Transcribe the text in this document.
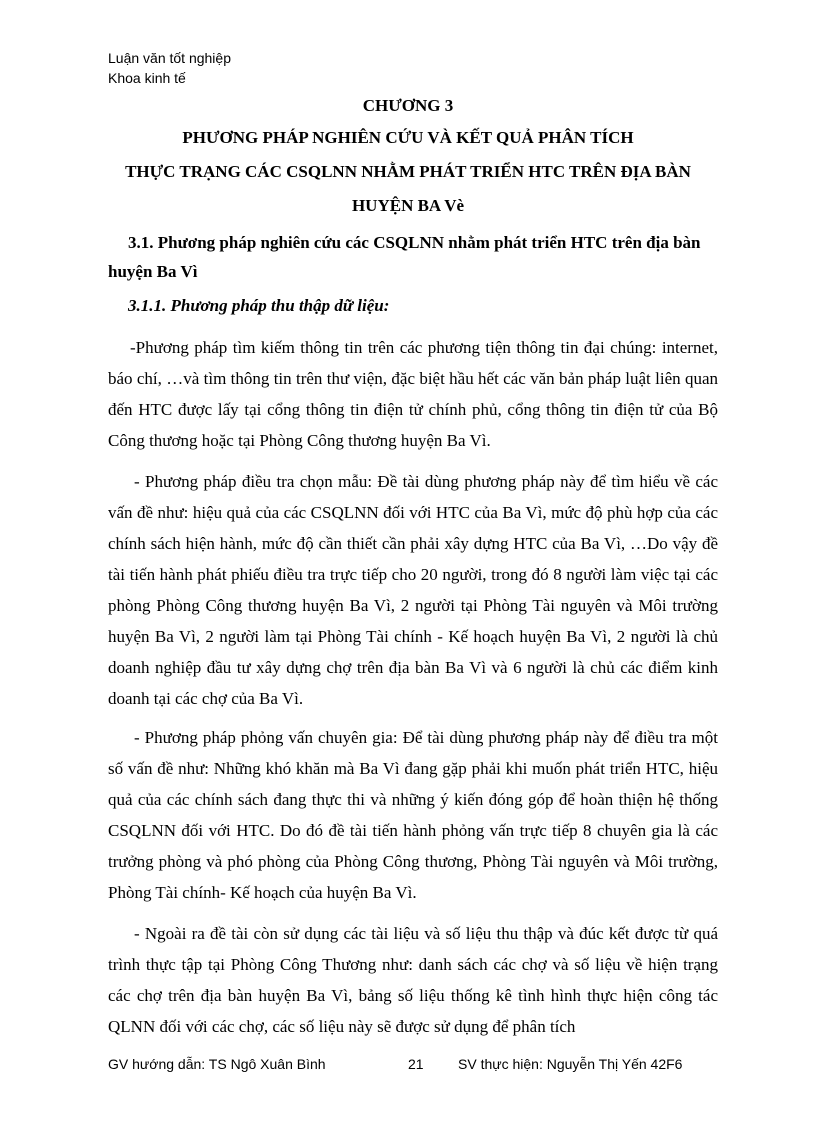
Luận văn tốt nghiệp
Khoa kinh tế
CHƯƠNG 3
PHƯƠNG PHÁP NGHIÊN CỨU VÀ KẾT QUẢ PHÂN TÍCH
THỰC TRẠNG CÁC CSQLNN NHẰM PHÁT TRIỂN HTC TRÊN ĐỊA BÀN
HUYỆN BA Vè
3.1. Phương pháp nghiên cứu các CSQLNN nhằm phát triển HTC trên địa bàn huyện Ba Vì
3.1.1. Phương pháp thu thập dữ liệu:

-Phương pháp tìm kiếm thông tin trên các phương tiện thông tin đại chúng: internet, báo chí, …và tìm thông tin trên thư viện, đặc biệt hầu hết các văn bản pháp luật liên quan đến HTC được lấy tại cổng thông tin điện tử chính phủ, cổng thông tin điện tử của Bộ Công thương hoặc tại Phòng Công thương huyện Ba Vì.

- Phương pháp điều tra chọn mẫu: Đề tài dùng phương pháp này để tìm hiểu về các vấn đề như: hiệu quả của các CSQLNN đối với HTC của Ba Vì, mức độ phù hợp của các chính sách hiện hành, mức độ cần thiết cần phải xây dựng HTC của Ba Vì, …Do vậy đề tài tiến hành phát phiếu điều tra trực tiếp cho 20 người, trong đó 8 người làm việc tại các phòng Phòng Công thương huyện Ba Vì, 2 người tại Phòng Tài nguyên và Môi trường huyện Ba Vì, 2 người làm tại Phòng Tài chính - Kế hoạch huyện Ba Vì, 2 người là chủ doanh nghiệp đầu tư xây dựng chợ trên địa bàn Ba Vì và 6 người là chủ các điểm kinh doanh tại các chợ của Ba Vì.

- Phương pháp phỏng vấn chuyên gia: Để tài dùng phương pháp này để điều tra một số vấn đề như: Những khó khăn mà Ba Vì đang gặp phải khi muốn phát triển HTC, hiệu quả của các chính sách đang thực thi và những ý kiến đóng góp để hoàn thiện hệ thống CSQLNN đối với HTC. Do đó đề tài tiến hành phỏng vấn trực tiếp 8 chuyên gia là các trưởng phòng và phó phòng của Phòng Công thương, Phòng Tài nguyên và Môi trường, Phòng Tài chính- Kế hoạch của huyện Ba Vì.

- Ngoài ra đề tài còn sử dụng các tài liệu và số liệu thu thập và đúc kết được từ quá trình thực tập tại Phòng Công Thương như: danh sách các chợ và số liệu về hiện trạng các chợ trên địa bàn huyện Ba Vì, bảng số liệu thống kê tình hình thực hiện công tác QLNN đối với các chợ, các số liệu này sẽ được sử dụng để phân tích

GV hướng dẫn: TS Ngô Xuân Bình	21	SV thực hiện: Nguyễn Thị Yến 42F6
